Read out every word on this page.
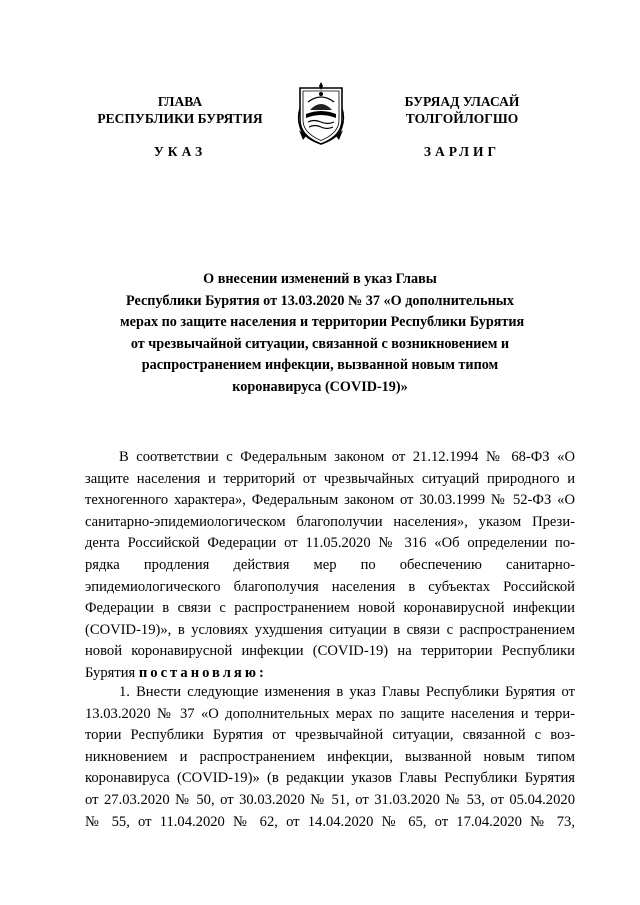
ГЛАВА
РЕСПУБЛИКИ БУРЯТИЯ
БУРЯАД УЛАСАЙ
ТОЛГОЙЛОГШО
УКАЗ	ЗАРЛИГ
О внесении изменений в указ Главы
Республики Бурятия от 13.03.2020 № 37 «О дополнительных
мерах по защите населения и территории Республики Бурятия
от чрезвычайной ситуации, связанной с возникновением и
распространением инфекции, вызванной новым типом
коронавируса (COVID-19)»
В соответствии с Федеральным законом от 21.12.1994 № 68-ФЗ «О
защите населения и территорий от чрезвычайных ситуаций природного и
техногенного характера», Федеральным законом от 30.03.1999 № 52-ФЗ «О
санитарно-эпидемиологическом благополучии населения», указом Прези-
дента Российской Федерации от 11.05.2020 № 316 «Об определении по-
рядка продления действия мер по обеспечению санитарно-
эпидемиологического благополучия населения в субъектах Российской
Федерации в связи с распространением новой коронавирусной инфекции
(COVID-19)», в условиях ухудшения ситуации в связи с распространением
новой коронавирусной инфекции (COVID-19) на территории Республики
Бурятия постановляю:
1. Внести следующие изменения в указ Главы Республики Бурятия от
13.03.2020 № 37 «О дополнительных мерах по защите населения и терри-
тории Республики Бурятия от чрезвычайной ситуации, связанной с воз-
никновением и распространением инфекции, вызванной новым типом
коронавируса (COVID-19)» (в редакции указов Главы Республики Бурятия
от 27.03.2020 № 50, от 30.03.2020 № 51, от 31.03.2020 № 53, от 05.04.2020
№ 55, от 11.04.2020 № 62, от 14.04.2020 № 65, от 17.04.2020 № 73,
